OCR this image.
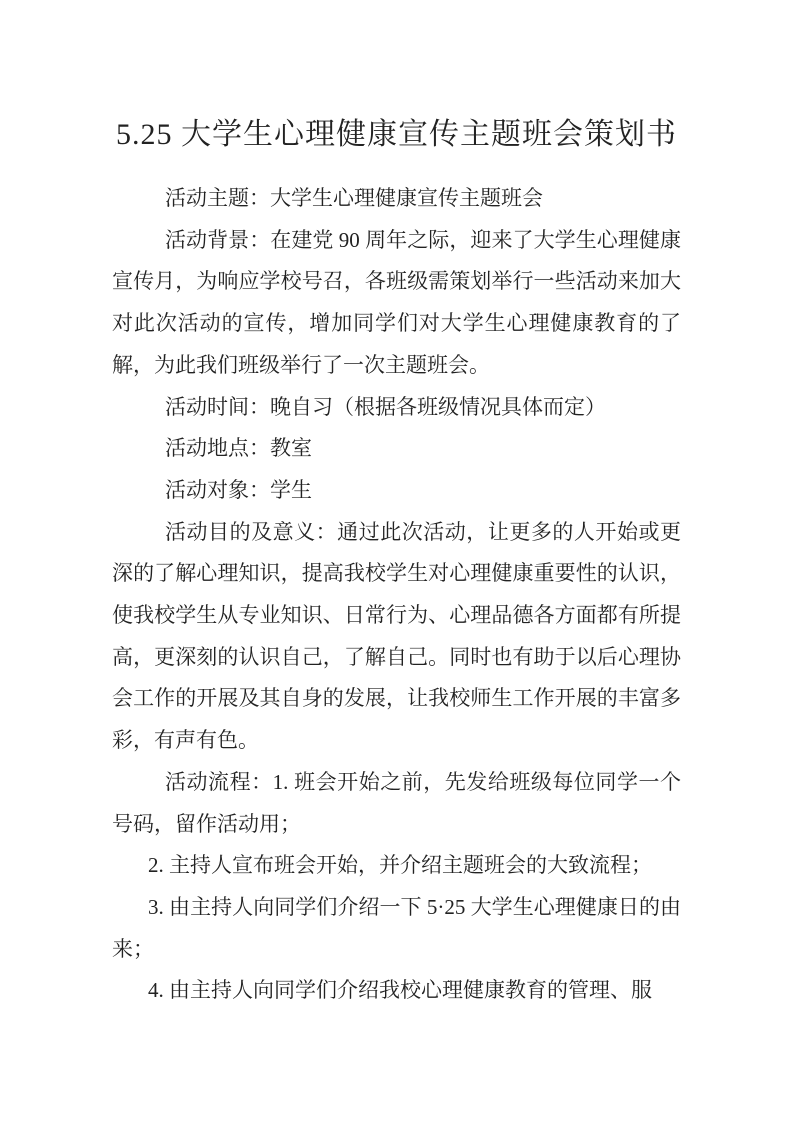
5.25 大学生心理健康宣传主题班会策划书

活动主题：大学生心理健康宣传主题班会

活动背景：在建党 90 周年之际，迎来了大学生心理健康宣传月，为响应学校号召，各班级需策划举行一些活动来加大对此次活动的宣传，增加同学们对大学生心理健康教育的了解，为此我们班级举行了一次主题班会。

活动时间：晚自习（根据各班级情况具体而定）

活动地点：教室

活动对象：学生

活动目的及意义：通过此次活动，让更多的人开始或更深的了解心理知识，提高我校学生对心理健康重要性的认识，使我校学生从专业知识、日常行为、心理品德各方面都有所提高，更深刻的认识自己，了解自己。同时也有助于以后心理协会工作的开展及其自身的发展，让我校师生工作开展的丰富多彩，有声有色。

活动流程：1. 班会开始之前，先发给班级每位同学一个号码，留作活动用；

2. 主持人宣布班会开始，并介绍主题班会的大致流程；

3. 由主持人向同学们介绍一下 5·25 大学生心理健康日的由来；

4. 由主持人向同学们介绍我校心理健康教育的管理、服
